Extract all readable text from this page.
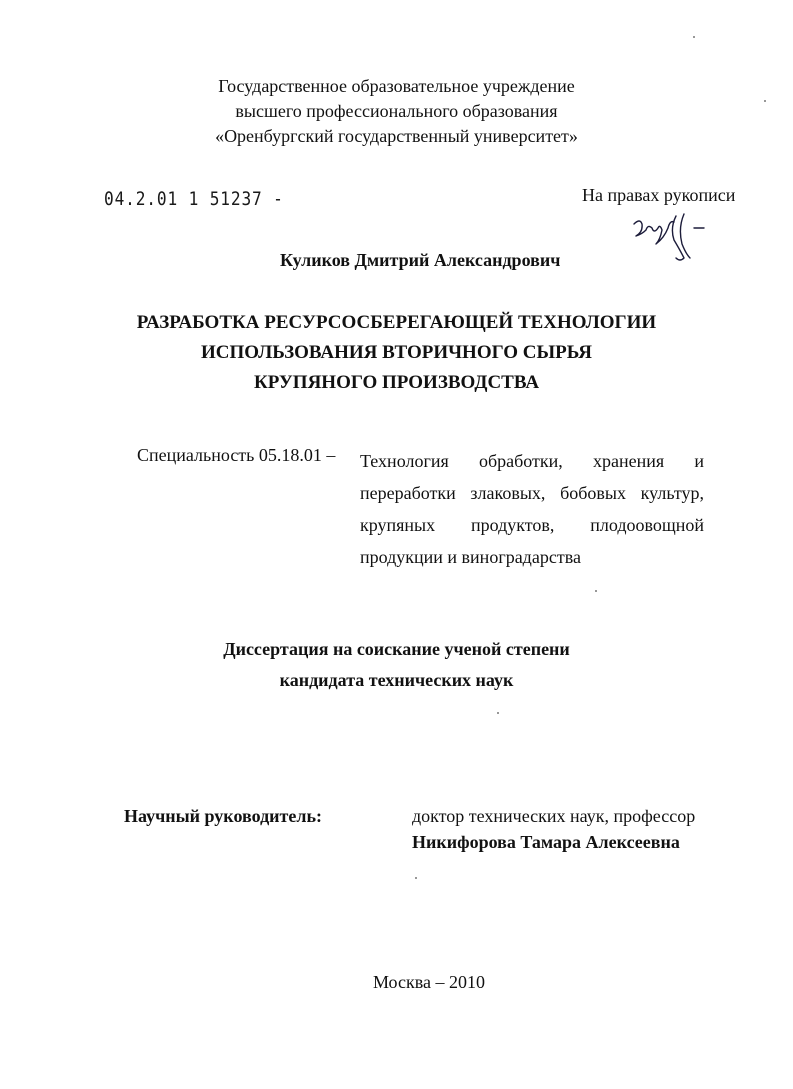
Государственное образовательное учреждение
высшего профессионального образования
«Оренбургский государственный университет»
04.2.01 1 51237 -	На правах рукописи
Куликов Дмитрий Александрович
РАЗРАБОТКА РЕСУРСОСБЕРЕГАЮЩЕЙ ТЕХНОЛОГИИ
ИСПОЛЬЗОВАНИЯ ВТОРИЧНОГО СЫРЬЯ
КРУПЯНОГО ПРОИЗВОДСТВА
Специальность 05.18.01 – Технология обработки, хранения и переработки злаковых, бобовых культур, крупяных продуктов, плодоовощной продукции и виноградарства
Диссертация на соискание ученой степени
кандидата технических наук
Научный руководитель:	доктор технических наук, профессор
Никифорова Тамара Алексеевна
Москва – 2010
